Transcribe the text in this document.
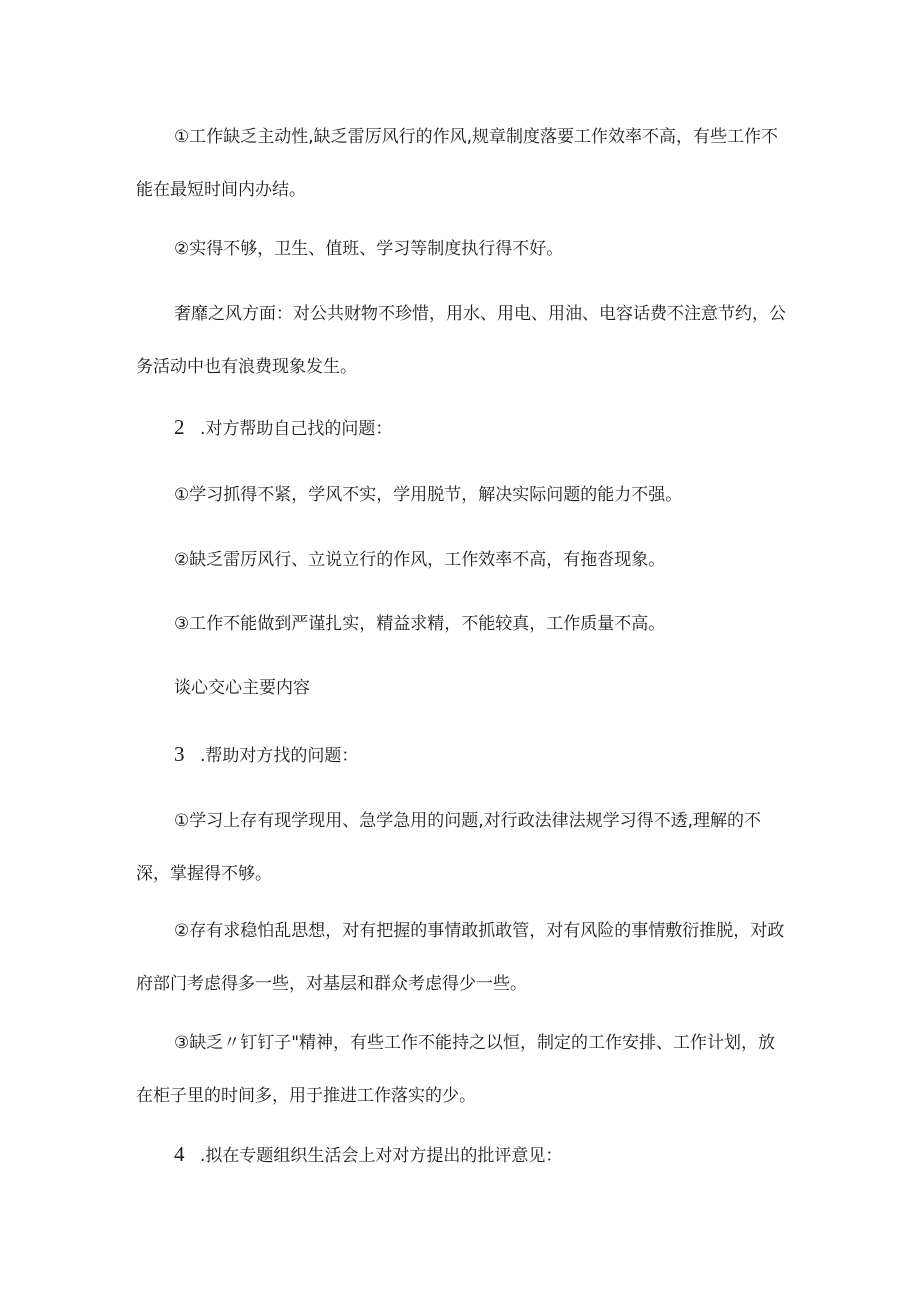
①工作缺乏主动性,缺乏雷厉风行的作风,规章制度落要工作效率不高，有些工作不能在最短时间内办结。

②实得不够，卫生、值班、学习等制度执行得不好。

奢靡之风方面：对公共财物不珍惜，用水、用电、用油、电容话费不注意节约，公务活动中也有浪费现象发生。

2 .对方帮助自己找的问题：

①学习抓得不紧，学风不实，学用脱节，解决实际问题的能力不强。

②缺乏雷厉风行、立说立行的作风，工作效率不高，有拖沓现象。

③工作不能做到严谨扎实，精益求精，不能较真，工作质量不高。

谈心交心主要内容

3 .帮助对方找的问题：

①学习上存有现学现用、急学急用的问题,对行政法律法规学习得不透,理解的不深，掌握得不够。

②存有求稳怕乱思想，对有把握的事情敢抓敢管，对有风险的事情敷衍推脱，对政府部门考虑得多一些，对基层和群众考虑得少一些。

③缺乏〃钉钉子"精神，有些工作不能持之以恒，制定的工作安排、工作计划，放在柜子里的时间多，用于推进工作落实的少。

4 .拟在专题组织生活会上对对方提出的批评意见：
